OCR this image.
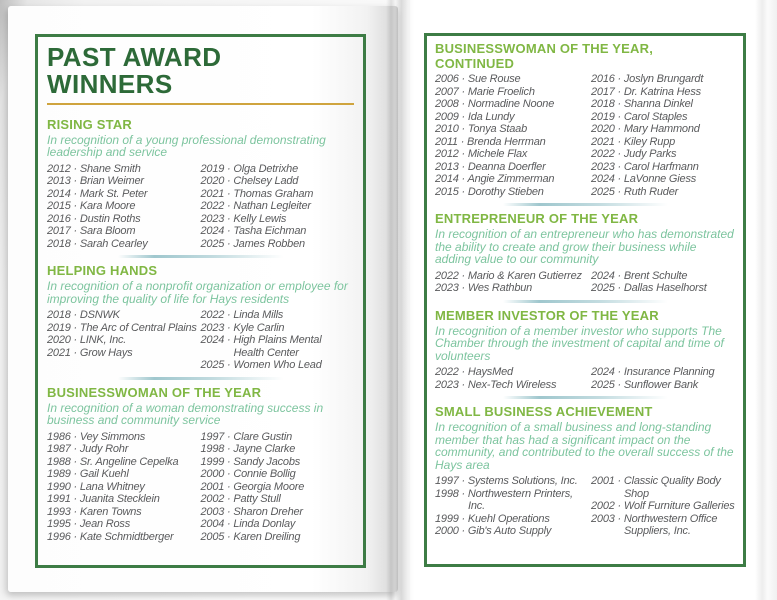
PAST AWARD WINNERS
RISING STAR

In recognition of a young professional demonstrating leadership and service

2012 · Shane Smith
2013 · Brian Weimer
2014 · Mark St. Peter
2015 · Kara Moore
2016 · Dustin Roths
2017 · Sara Bloom
2018 · Sarah Cearley
2019 · Olga Detrixhe
2020 · Chelsey Ladd
2021 · Thomas Graham
2022 · Nathan Legleiter
2023 · Kelly Lewis
2024 · Tasha Eichman
2025 · James Robben
HELPING HANDS

In recognition of a nonprofit organization or employee for improving the quality of life for Hays residents

2018 · DSNWK
2019 · The Arc of Central Plains
2020 · LINK, Inc.
2021 · Grow Hays
2022 · Linda Mills
2023 · Kyle Carlin
2024 · High Plains Mental Health Center
2025 · Women Who Lead
BUSINESSWOMAN OF THE YEAR

In recognition of a woman demonstrating success in business and community service

1986 · Vey Simmons
1987 · Judy Rohr
1988 · Sr. Angeline Cepelka
1989 · Gail Kuehl
1990 · Lana Whitney
1991 · Juanita Stecklein
1993 · Karen Towns
1995 · Jean Ross
1996 · Kate Schmidtberger
1997 · Clare Gustin
1998 · Jayne Clarke
1999 · Sandy Jacobs
2000 · Connie Bollig
2001 · Georgia Moore
2002 · Patty Stull
2003 · Sharon Dreher
2004 · Linda Donlay
2005 · Karen Dreiling
BUSINESSWOMAN OF THE YEAR, CONTINUED
2006 · Sue Rouse
2007 · Marie Froelich
2008 · Normadine Noone
2009 · Ida Lundy
2010 · Tonya Staab
2011 · Brenda Herrman
2012 · Michele Flax
2013 · Deanna Doerfler
2014 · Angie Zimmerman
2015 · Dorothy Stieben
2016 · Joslyn Brungardt
2017 · Dr. Katrina Hess
2018 · Shanna Dinkel
2019 · Carol Staples
2020 · Mary Hammond
2021 · Kiley Rupp
2022 · Judy Parks
2023 · Carol Harfmann
2024 · LaVonne Giess
2025 · Ruth Ruder
ENTREPRENEUR OF THE YEAR

In recognition of an entrepreneur who has demonstrated the ability to create and grow their business while adding value to our community

2022 · Mario & Karen Gutierrez
2023 · Wes Rathbun
2024 · Brent Schulte
2025 · Dallas Haselhorst
MEMBER INVESTOR OF THE YEAR

In recognition of a member investor who supports The Chamber through the investment of capital and time of volunteers

2022 · HaysMed
2023 · Nex-Tech Wireless
2024 · Insurance Planning
2025 · Sunflower Bank
SMALL BUSINESS ACHIEVEMENT

In recognition of a small business and long-standing member that has had a significant impact on the community, and contributed to the overall success of the Hays area

1997 · Systems Solutions, Inc.
1998 · Northwestern Printers, Inc.
1999 · Kuehl Operations
2000 · Gib's Auto Supply
2001 · Classic Quality Body Shop
2002 · Wolf Furniture Galleries
2003 · Northwestern Office Suppliers, Inc.
